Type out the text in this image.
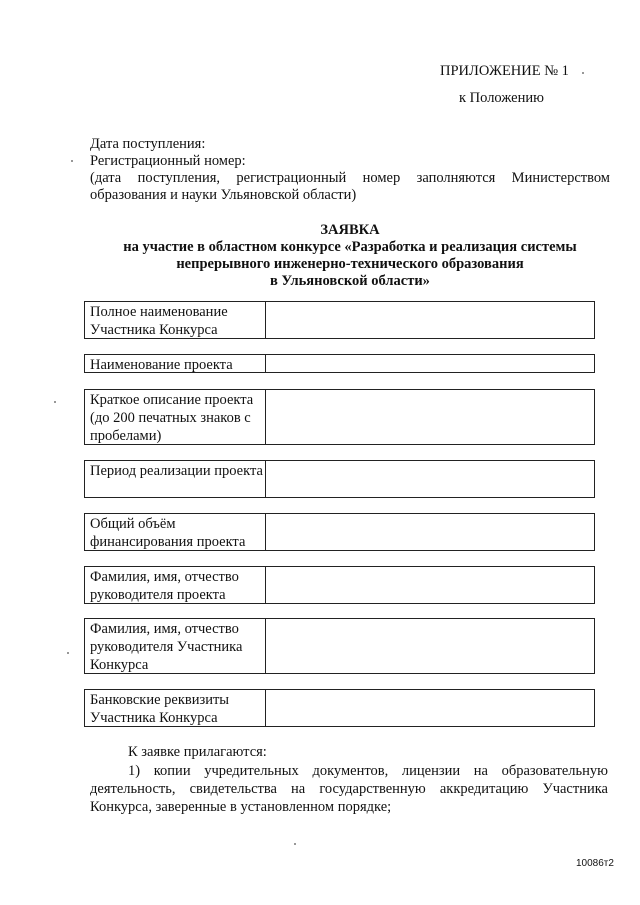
ПРИЛОЖЕНИЕ № 1
к Положению
Дата поступления:
Регистрационный номер:
(дата поступления, регистрационный номер заполняются Министерством образования и науки Ульяновской области)
ЗАЯВКА
на участие в областном конкурсе «Разработка и реализация системы
непрерывного инженерно-технического образования
в Ульяновской области»
Полное наименование Участника Конкурса
Наименование проекта
Краткое описание проекта (до 200 печатных знаков с пробелами)
Период реализации проекта
Общий объём финансирования проекта
Фамилия, имя, отчество руководителя проекта
Фамилия, имя, отчество руководителя Участника Конкурса
Банковские реквизиты Участника Конкурса
К заявке прилагаются:
1) копии учредительных документов, лицензии на образовательную деятельность, свидетельства на государственную аккредитацию Участника Конкурса, заверенные в установленном порядке;
10086т2
